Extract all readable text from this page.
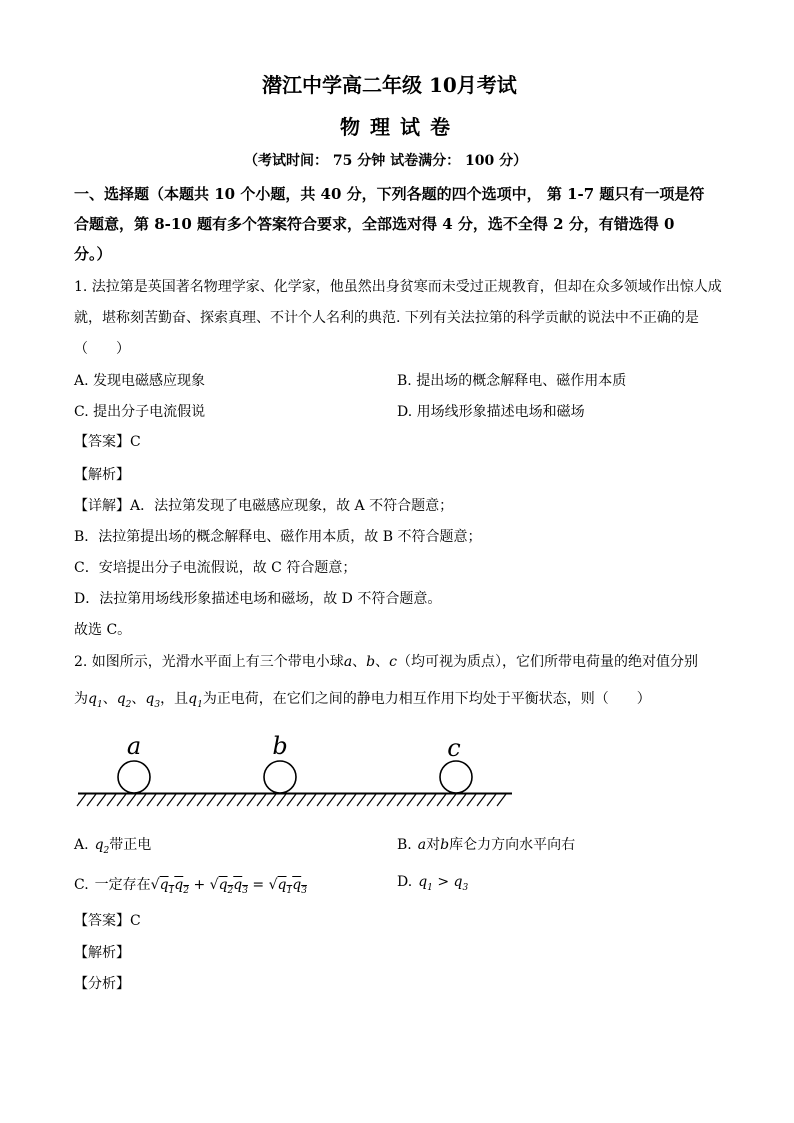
潜江中学高二年级 10月考试
物理试卷
（考试时间： 75 分钟 试卷满分： 100 分）
一、选择题（本题共 10 个小题，共 40 分，下列各题的四个选项中， 第 1-7 题只有一项是符
合题意，第 8-10 题有多个答案符合要求，全部选对得 4 分，选不全得 2 分，有错选得 0
分。）
1. 法拉第是英国著名物理学家、化学家，他虽然出身贫寒而未受过正规教育，但却在众多领域作出惊人成
就，堪称刻苦勤奋、探索真理、不计个人名利的典范. 下列有关法拉第的科学贡献的说法中不正确的是
（　　）
A. 发现电磁感应现象	B. 提出场的概念解释电、磁作用本质
C. 提出分子电流假说	D. 用场线形象描述电场和磁场
【答案】C
【解析】
【详解】A．法拉第发现了电磁感应现象，故 A 不符合题意；
B．法拉第提出场的概念解释电、磁作用本质，故 B 不符合题意；
C．安培提出分子电流假说，故 C 符合题意；
D．法拉第用场线形象描述电场和磁场，故 D 不符合题意。
故选 C。
2. 如图所示，光滑水平面上有三个带电小球a、b、c（均可视为质点），它们所带电荷量的绝对值分别
为$q_1$、$q_2$、$q_3$，且$q_1$为正电荷，在它们之间的静电力相互作用下均处于平衡状态，则（　　）
a	b	c
A. $q_2$带正电	B. a对b库仑力方向水平向右
C. 一定存在$√q_1q_2 + √q_2q_3 = √q_1q_3$
D. $q_1 > q_3$
【答案】C
【解析】
【分析】
